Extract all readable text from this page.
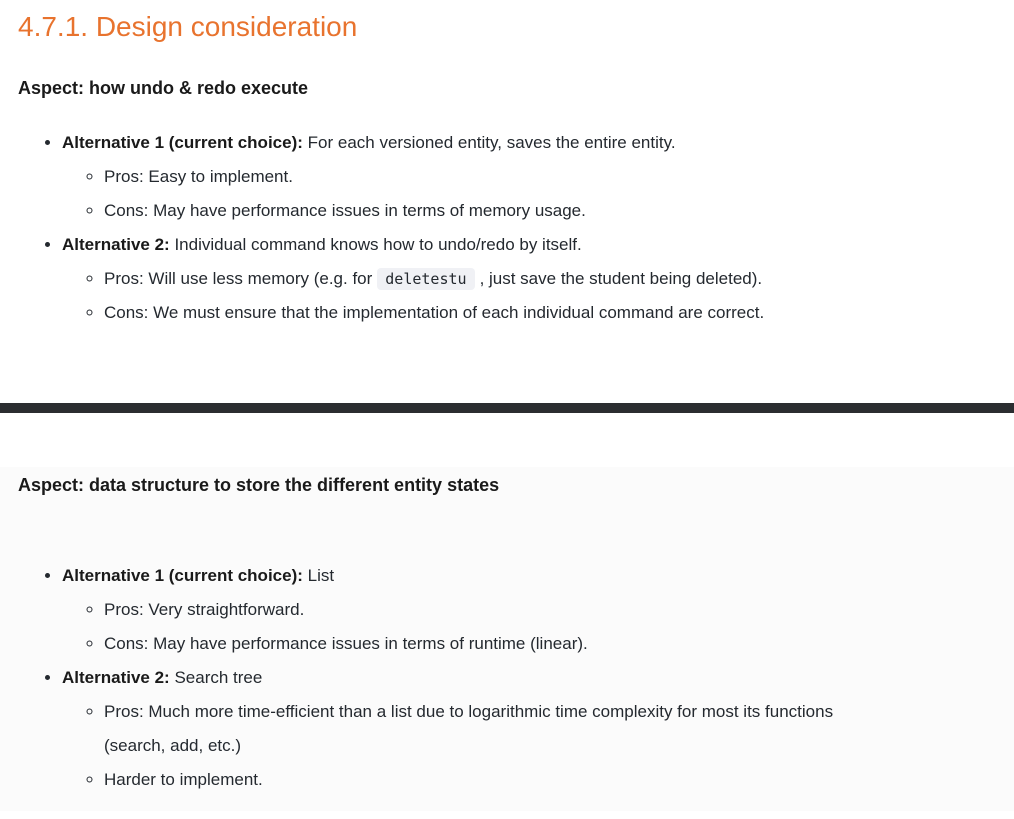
4.7.1. Design consideration
Aspect: how undo & redo execute
• Alternative 1 (current choice): For each versioned entity, saves the entire entity.
◦ Pros: Easy to implement.
◦ Cons: May have performance issues in terms of memory usage.
• Alternative 2: Individual command knows how to undo/redo by itself.
◦ Pros: Will use less memory (e.g. for deletestu , just save the student being deleted).
◦ Cons: We must ensure that the implementation of each individual command are correct.
Aspect: data structure to store the different entity states
• Alternative 1 (current choice): List
◦ Pros: Very straightforward.
◦ Cons: May have performance issues in terms of runtime (linear).
• Alternative 2: Search tree
◦ Pros: Much more time-efficient than a list due to logarithmic time complexity for most its functions (search, add, etc.)
◦ Harder to implement.
